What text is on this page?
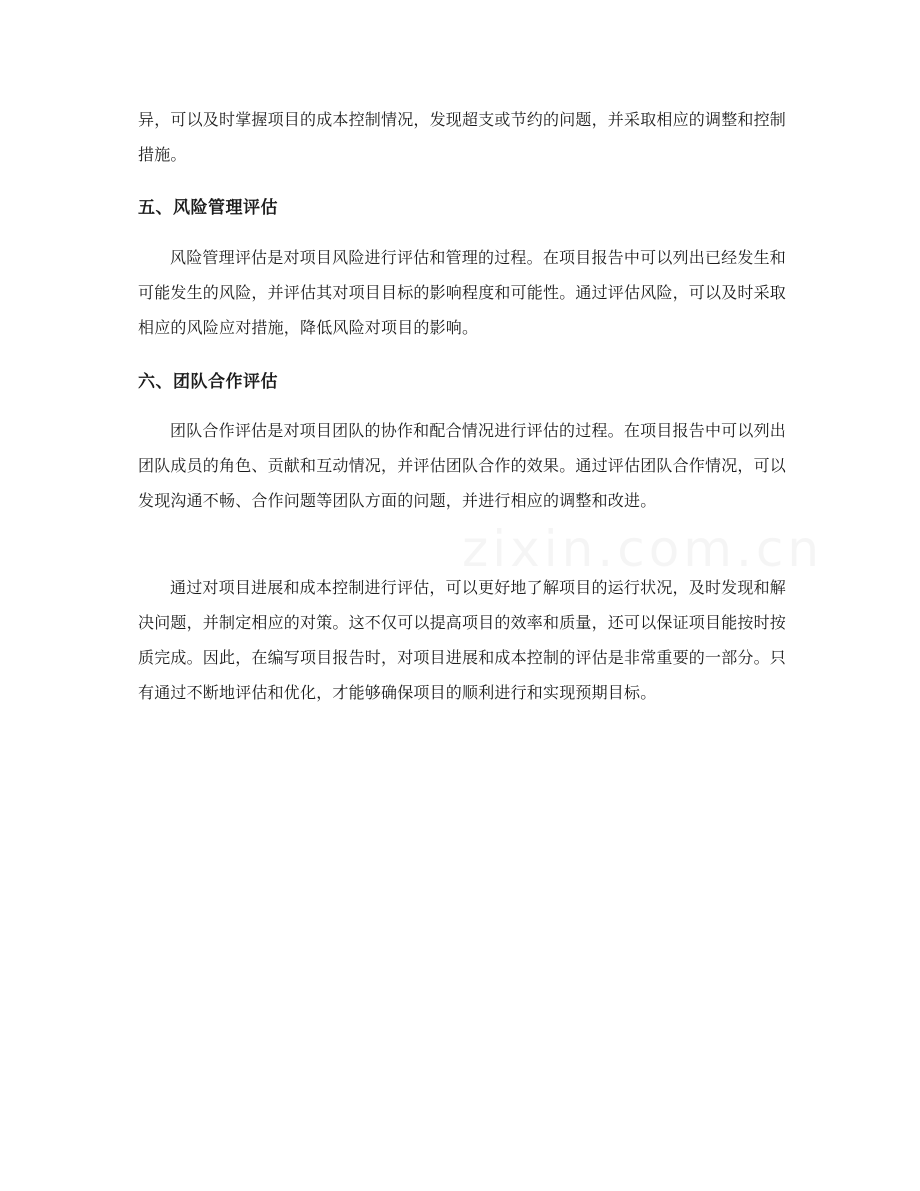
异，可以及时掌握项目的成本控制情况，发现超支或节约的问题，并采取相应的调整和控制措施。

五、风险管理评估

风险管理评估是对项目风险进行评估和管理的过程。在项目报告中可以列出已经发生和可能发生的风险，并评估其对项目目标的影响程度和可能性。通过评估风险，可以及时采取相应的风险应对措施，降低风险对项目的影响。

六、团队合作评估

团队合作评估是对项目团队的协作和配合情况进行评估的过程。在项目报告中可以列出团队成员的角色、贡献和互动情况，并评估团队合作的效果。通过评估团队合作情况，可以发现沟通不畅、合作问题等团队方面的问题，并进行相应的调整和改进。

通过对项目进展和成本控制进行评估，可以更好地了解项目的运行状况，及时发现和解决问题，并制定相应的对策。这不仅可以提高项目的效率和质量，还可以保证项目能按时按质完成。因此，在编写项目报告时，对项目进展和成本控制的评估是非常重要的一部分。只有通过不断地评估和优化，才能够确保项目的顺利进行和实现预期目标。
